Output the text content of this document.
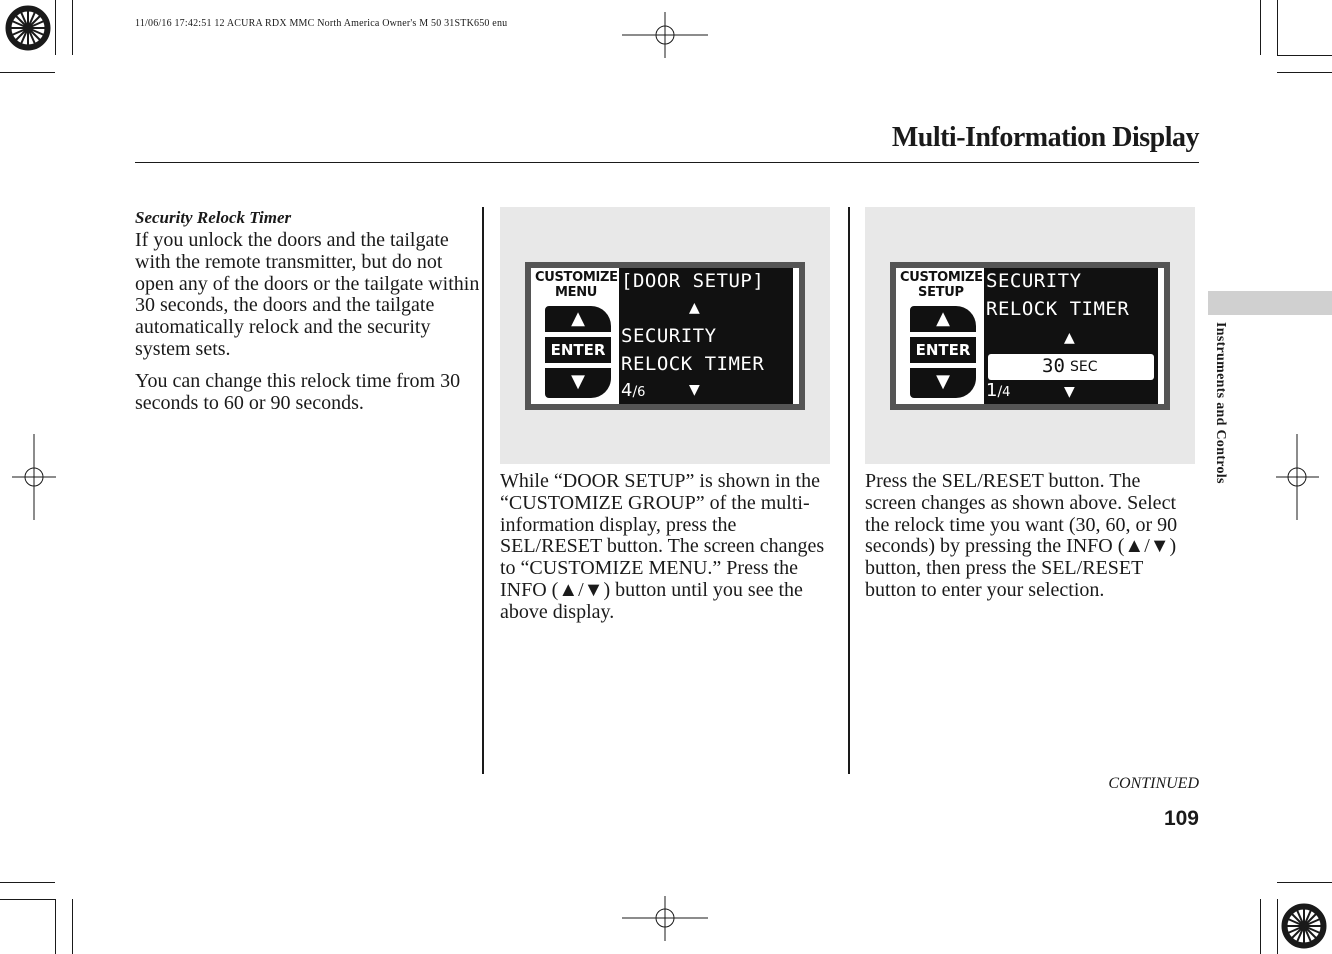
11/06/16 17:42:51 12 ACURA RDX MMC North America Owner's M 50 31STK650 enu
Multi-Information Display
Security Relock Timer
If you unlock the doors and the tailgate with the remote transmitter, but do not open any of the doors or the tailgate within 30 seconds, the doors and the tailgate automatically relock and the security system sets.
You can change this relock time from 30 seconds to 60 or 90 seconds.
CUSTOMIZE
MENU
▲
ENTER
▼
[DOOR SETUP]
▲
SECURITY
RELOCK TIMER
4/6	▼
CUSTOMIZE
SETUP
▲
ENTER
▼
SECURITY
RELOCK TIMER
▲
30 SEC
1/4	▼
While “DOOR SETUP” is shown in the “CUSTOMIZE GROUP” of the multi-information display, press the SEL/RESET button. The screen changes to “CUSTOMIZE MENU.” Press the INFO (▲/▼) button until you see the above display.
Press the SEL/RESET button. The screen changes as shown above. Select the relock time you want (30, 60, or 90 seconds) by pressing the INFO (▲/▼) button, then press the SEL/RESET button to enter your selection.
Instruments and Controls
CONTINUED
109
